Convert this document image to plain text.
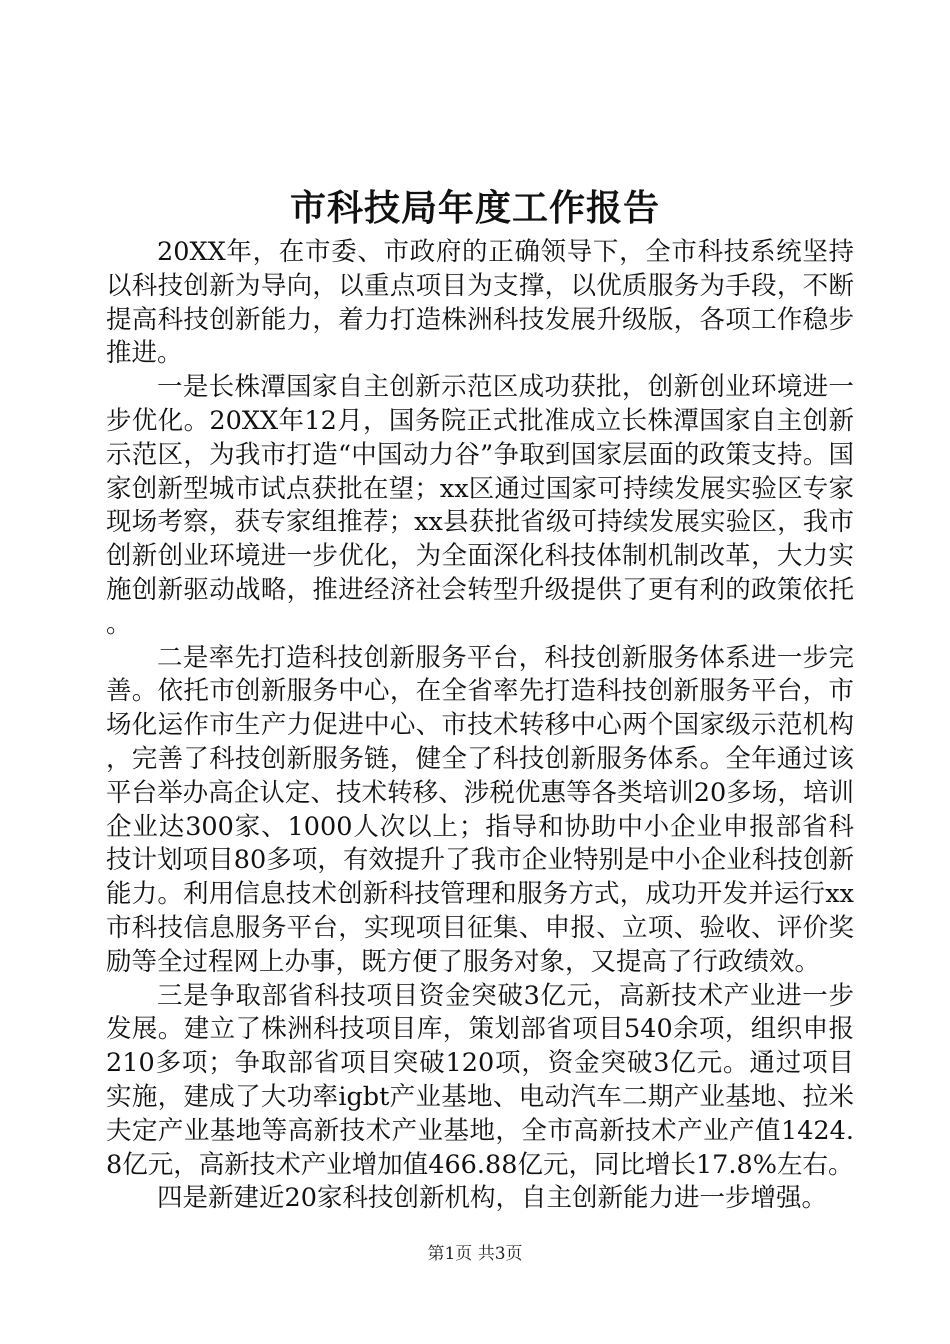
市科技局年度工作报告

20XX年，在市委、市政府的正确领导下，全市科技系统坚持以科技创新为导向，以重点项目为支撑，以优质服务为手段，不断提高科技创新能力，着力打造株洲科技发展升级版，各项工作稳步推进。

一是长株潭国家自主创新示范区成功获批，创新创业环境进一步优化。20XX年12月，国务院正式批准成立长株潭国家自主创新示范区，为我市打造“中国动力谷”争取到国家层面的政策支持。国家创新型城市试点获批在望；xx区通过国家可持续发展实验区专家现场考察，获专家组推荐；xx县获批省级可持续发展实验区，我市创新创业环境进一步优化，为全面深化科技体制机制改革，大力实施创新驱动战略，推进经济社会转型升级提供了更有利的政策依托。

二是率先打造科技创新服务平台，科技创新服务体系进一步完善。依托市创新服务中心，在全省率先打造科技创新服务平台，市场化运作市生产力促进中心、市技术转移中心两个国家级示范机构，完善了科技创新服务链，健全了科技创新服务体系。全年通过该平台举办高企认定、技术转移、涉税优惠等各类培训20多场，培训企业达300家、1000人次以上；指导和协助中小企业申报部省科技计划项目80多项，有效提升了我市企业特别是中小企业科技创新能力。利用信息技术创新科技管理和服务方式，成功开发并运行xx市科技信息服务平台，实现项目征集、申报、立项、验收、评价奖励等全过程网上办事，既方便了服务对象，又提高了行政绩效。

三是争取部省科技项目资金突破3亿元，高新技术产业进一步发展。建立了株洲科技项目库，策划部省项目540余项，组织申报210多项；争取部省项目突破120项，资金突破3亿元。通过项目实施，建成了大功率igbt产业基地、电动汽车二期产业基地、拉米夫定产业基地等高新技术产业基地，全市高新技术产业产值1424.8亿元，高新技术产业增加值466.88亿元，同比增长17.8%左右。

四是新建近20家科技创新机构，自主创新能力进一步增强。

第1页 共3页
